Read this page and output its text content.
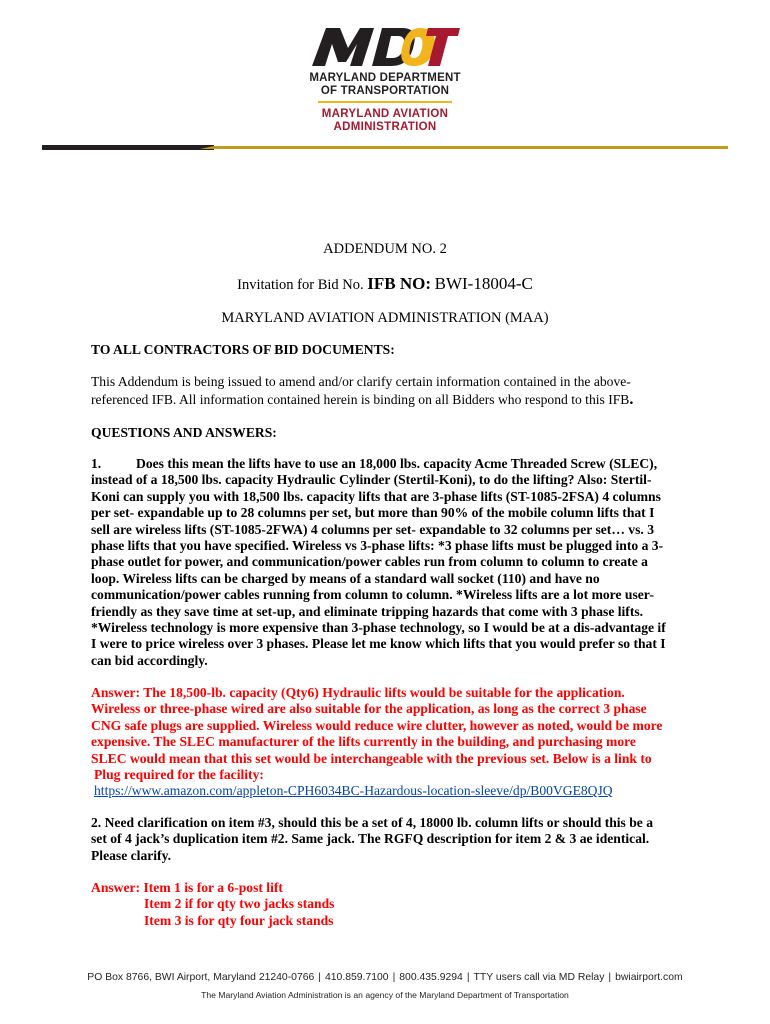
MARYLAND DEPARTMENT
OF TRANSPORTATION
MARYLAND AVIATION
ADMINISTRATION
ADDENDUM NO. 2
Invitation for Bid No. IFB NO: BWI-18004-C
MARYLAND AVIATION ADMINISTRATION (MAA)
TO ALL CONTRACTORS OF BID DOCUMENTS:
This Addendum is being issued to amend and/or clarify certain information contained in the above-
referenced IFB. All information contained herein is binding on all Bidders who respond to this IFB.
QUESTIONS AND ANSWERS:
1.	Does this mean the lifts have to use an 18,000 lbs. capacity Acme Threaded Screw (SLEC),
instead of a 18,500 lbs. capacity Hydraulic Cylinder (Stertil-Koni), to do the lifting? Also: Stertil-
Koni can supply you with 18,500 lbs. capacity lifts that are 3-phase lifts (ST-1085-2FSA) 4 columns
per set- expandable up to 28 columns per set, but more than 90% of the mobile column lifts that I
sell are wireless lifts (ST-1085-2FWA) 4 columns per set- expandable to 32 columns per set… vs. 3
phase lifts that you have specified. Wireless vs 3-phase lifts: *3 phase lifts must be plugged into a 3-
phase outlet for power, and communication/power cables run from column to column to create a
loop. Wireless lifts can be charged by means of a standard wall socket (110) and have no
communication/power cables running from column to column. *Wireless lifts are a lot more user-
friendly as they save time at set-up, and eliminate tripping hazards that come with 3 phase lifts.
*Wireless technology is more expensive than 3-phase technology, so I would be at a dis-advantage if
I were to price wireless over 3 phases. Please let me know which lifts that you would prefer so that I
can bid accordingly.
Answer: The 18,500-lb. capacity (Qty6) Hydraulic lifts would be suitable for the application.
Wireless or three-phase wired are also suitable for the application, as long as the correct 3 phase
CNG safe plugs are supplied. Wireless would reduce wire clutter, however as noted, would be more
expensive. The SLEC manufacturer of the lifts currently in the building, and purchasing more
SLEC would mean that this set would be interchangeable with the previous set. Below is a link to
Plug required for the facility:
https://www.amazon.com/appleton-CPH6034BC-Hazardous-location-sleeve/dp/B00VGE8QJQ
2. Need clarification on item #3, should this be a set of 4, 18000 lb. column lifts or should this be a
set of 4 jack’s duplication item #2. Same jack. The RGFQ description for item 2 & 3 ae identical.
Please clarify.
Answer: Item 1 is for a 6-post lift
Item 2 if for qty two jacks stands
Item 3 is for qty four jack stands
PO Box 8766, BWI Airport, Maryland 21240-0766 | 410.859.7100 | 800.435.9294 | TTY users call via MD Relay | bwiairport.com
The Maryland Aviation Administration is an agency of the Maryland Department of Transportation
